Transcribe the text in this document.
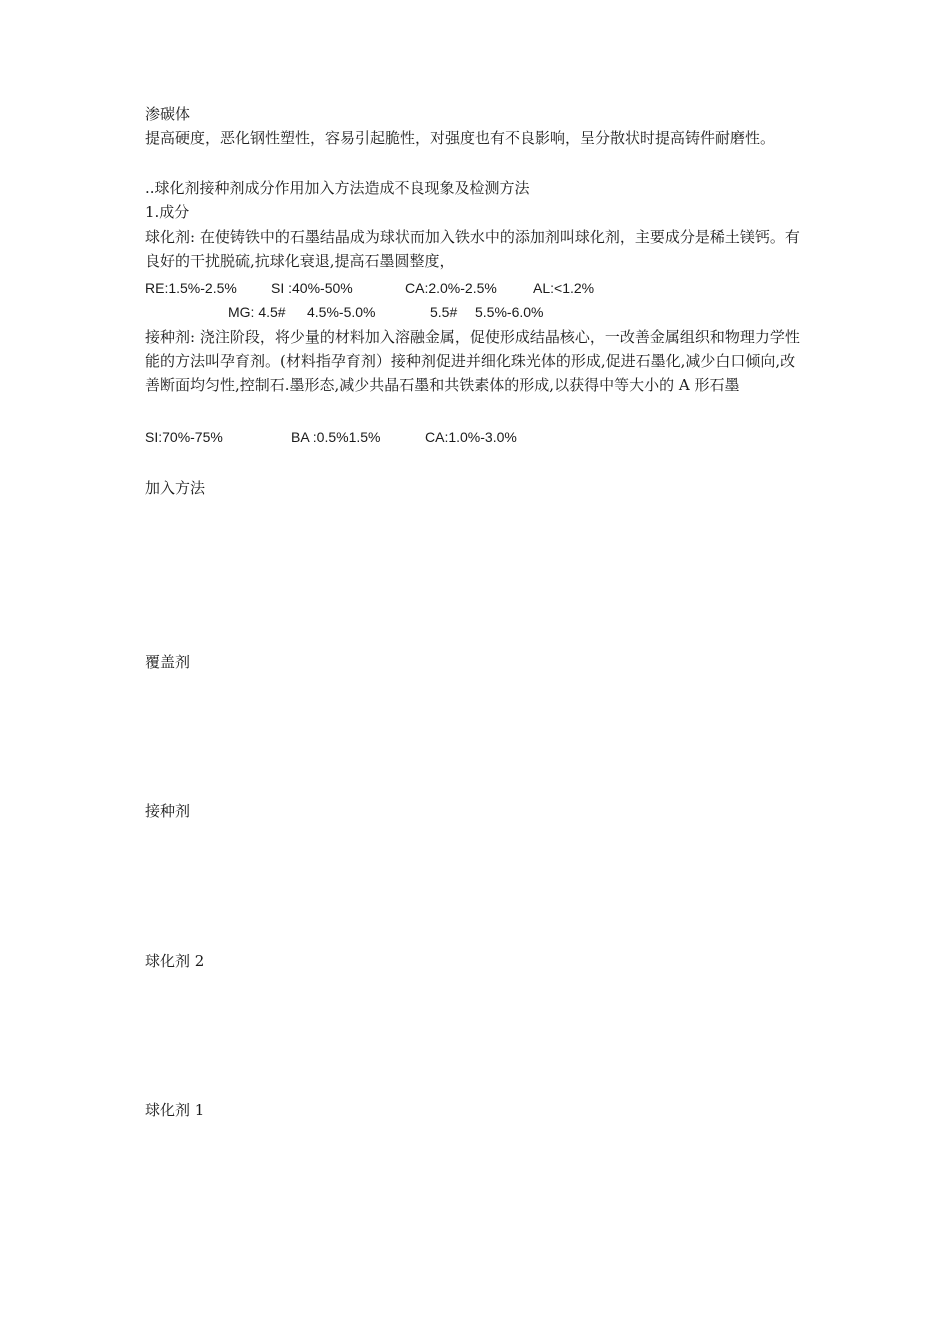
渗碳体
提高硬度，恶化钢性塑性，容易引起脆性，对强度也有不良影响，呈分散状时提高铸件耐磨性。
..球化剂接种剂成分作用加入方法造成不良现象及检测方法
1.成分
球化剂: 在使铸铁中的石墨结晶成为球状而加入铁水中的添加剂叫球化剂，主要成分是稀土镁钙。有良好的干扰脱硫,抗球化衰退,提高石墨圆整度，
RE:1.5%-2.5% SI :40%-50%	CA:2.0%-2.5%	AL:<1.2%
MG: 4.5# 4.5%-5.0%	5.5# 5.5%-6.0%
接种剂: 浇注阶段，将少量的材料加入溶融金属，促使形成结晶核心，一改善金属组织和物理力学性能的方法叫孕育剂。(材料指孕育剂）接种剂促进并细化珠光体的形成,促进石墨化,减少白口倾向,改善断面均匀性,控制石.墨形态,减少共晶石墨和共铁素体的形成,以获得中等大小的 A 形石墨
SI:70%-75%	BA :0.5%1.5%	CA:1.0%-3.0%
加入方法
覆盖剂
接种剂
球化剂 2
球化剂 1
